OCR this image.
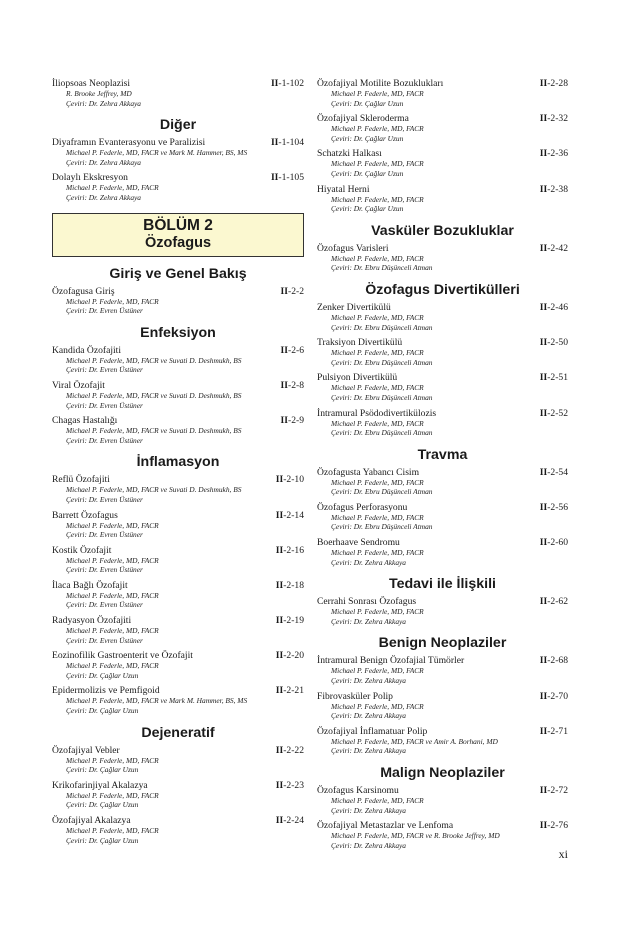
İliopsoas Neoplazisi	II-1-102
R. Brooke Jeffrey, MD
Çeviri: Dr. Zehra Akkaya
Diğer
Diyaframın Evanterasyonu ve Paralizisi	II-1-104
Michael P. Federle, MD, FACR ve Mark M. Hammer, BS, MS
Çeviri: Dr. Zehra Akkaya
Dolaylı Ekskresyon	II-1-105
Michael P. Federle, MD, FACR
Çeviri: Dr. Zehra Akkaya
BÖLÜM 2
Özofagus
Giriş ve Genel Bakış
Özofagusa Giriş	II-2-2
Michael P. Federle, MD, FACR
Çeviri: Dr. Evren Üstüner
Enfeksiyon
Kandida Özofajiti	II-2-6
Michael P. Federle, MD, FACR ve Suvati D. Deshmukh, BS
Çeviri: Dr. Evren Üstüner
Viral Özofajit	II-2-8
Michael P. Federle, MD, FACR ve Suvati D. Deshmukh, BS
Çeviri: Dr. Evren Üstüner
Chagas Hastalığı	II-2-9
Michael P. Federle, MD, FACR ve Suvati D. Deshmukh, BS
Çeviri: Dr. Evren Üstüner
İnflamasyon
Reflü Özofajiti	II-2-10
Michael P. Federle, MD, FACR ve Suvati D. Deshmukh, BS
Çeviri: Dr. Evren Üstüner
Barrett Özofagus	II-2-14
Michael P. Federle, MD, FACR
Çeviri: Dr. Evren Üstüner
Kostik Özofajit	II-2-16
Michael P. Federle, MD, FACR
Çeviri: Dr. Evren Üstüner
İlaca Bağlı Özofajit	II-2-18
Michael P. Federle, MD, FACR
Çeviri: Dr. Evren Üstüner
Radyasyon Özofajiti	II-2-19
Michael P. Federle, MD, FACR
Çeviri: Dr. Evren Üstüner
Eozinofilik Gastroenterit ve Özofajit	II-2-20
Michael P. Federle, MD, FACR
Çeviri: Dr. Çağlar Uzun
Epidermolizis ve Pemfigoid	II-2-21
Michael P. Federle, MD, FACR ve Mark M. Hammer, BS, MS
Çeviri: Dr. Çağlar Uzun
Dejeneratif
Özofajiyal Vebler	II-2-22
Michael P. Federle, MD, FACR
Çeviri: Dr. Çağlar Uzun
Krikofarinjiyal Akalazya	II-2-23
Michael P. Federle, MD, FACR
Çeviri: Dr. Çağlar Uzun
Özofajiyal Akalazya	II-2-24
Michael P. Federle, MD, FACR
Çeviri: Dr. Çağlar Uzun
Özofajiyal Motilite Bozuklukları	II-2-28
Michael P. Federle, MD, FACR
Çeviri: Dr. Çağlar Uzun
Özofajiyal Skleroderma	II-2-32
Michael P. Federle, MD, FACR
Çeviri: Dr. Çağlar Uzun
Schatzki Halkası	II-2-36
Michael P. Federle, MD, FACR
Çeviri: Dr. Çağlar Uzun
Hiyatal Herni	II-2-38
Michael P. Federle, MD, FACR
Çeviri: Dr. Çağlar Uzun
Vasküler Bozukluklar
Özofagus Varisleri	II-2-42
Michael P. Federle, MD, FACR
Çeviri: Dr. Ebru Düşünceli Atman
Özofagus Divertikülleri
Zenker Divertikülü	II-2-46
Michael P. Federle, MD, FACR
Çeviri: Dr. Ebru Düşünceli Atman
Traksiyon Divertikülü	II-2-50
Michael P. Federle, MD, FACR
Çeviri: Dr. Ebru Düşünceli Atman
Pulsiyon Divertikülü	II-2-51
Michael P. Federle, MD, FACR
Çeviri: Dr. Ebru Düşünceli Atman
İntramural Psödodivertikülozis	II-2-52
Michael P. Federle, MD, FACR
Çeviri: Dr. Ebru Düşünceli Atman
Travma
Özofagusta Yabancı Cisim	II-2-54
Michael P. Federle, MD, FACR
Çeviri: Dr. Ebru Düşünceli Atman
Özofagus Perforasyonu	II-2-56
Michael P. Federle, MD, FACR
Çeviri: Dr. Ebru Düşünceli Atman
Boerhaave Sendromu	II-2-60
Michael P. Federle, MD, FACR
Çeviri: Dr. Zehra Akkaya
Tedavi ile İlişkili
Cerrahi Sonrası Özofagus	II-2-62
Michael P. Federle, MD, FACR
Çeviri: Dr. Zehra Akkaya
Benign Neoplaziler
İntramural Benign Özofajial Tümörler	II-2-68
Michael P. Federle, MD, FACR
Çeviri: Dr. Zehra Akkaya
Fibrovasküler Polip	II-2-70
Michael P. Federle, MD, FACR
Çeviri: Dr. Zehra Akkaya
Özofajiyal İnflamatuar Polip	II-2-71
Michael P. Federle, MD, FACR ve Amir A. Borhani, MD
Çeviri: Dr. Zehra Akkaya
Malign Neoplaziler
Özofagus Karsinomu	II-2-72
Michael P. Federle, MD, FACR
Çeviri: Dr. Zehra Akkaya
Özofajiyal Metastazlar ve Lenfoma	II-2-76
Michael P. Federle, MD, FACR ve R. Brooke Jeffrey, MD
Çeviri: Dr. Zehra Akkaya
xi
